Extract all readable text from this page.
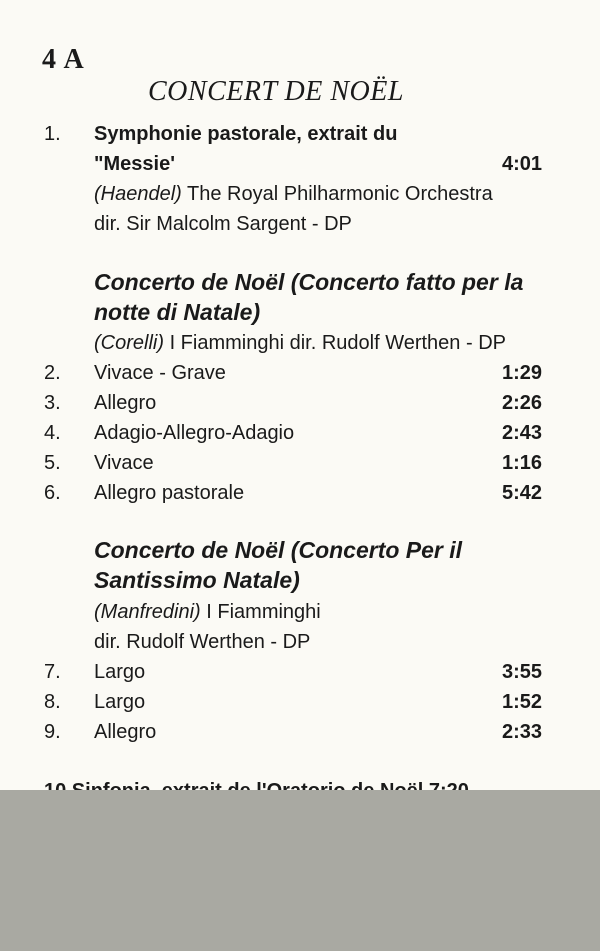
4 A
CONCERT DE NOËL
1. Symphonie pastorale, extrait du
"Messie'	4:01
(Haendel) The Royal Philharmonic Orchestra
dir. Sir Malcolm Sargent - DP
Concerto de Noël (Concerto fatto per la
notte di Natale)
(Corelli) I Fiamminghi dir. Rudolf Werthen - DP
2. Vivace - Grave	1:29
3. Allegro	2:26
4. Adagio-Allegro-Adagio	2:43
5. Vivace	1:16
6. Allegro pastorale	5:42
Concerto de Noël (Concerto Per il
Santissimo Natale)
(Manfredini) I Fiamminghi
dir. Rudolf Werthen - DP
7. Largo	3:55
8. Largo	1:52
9. Allegro	2:33
